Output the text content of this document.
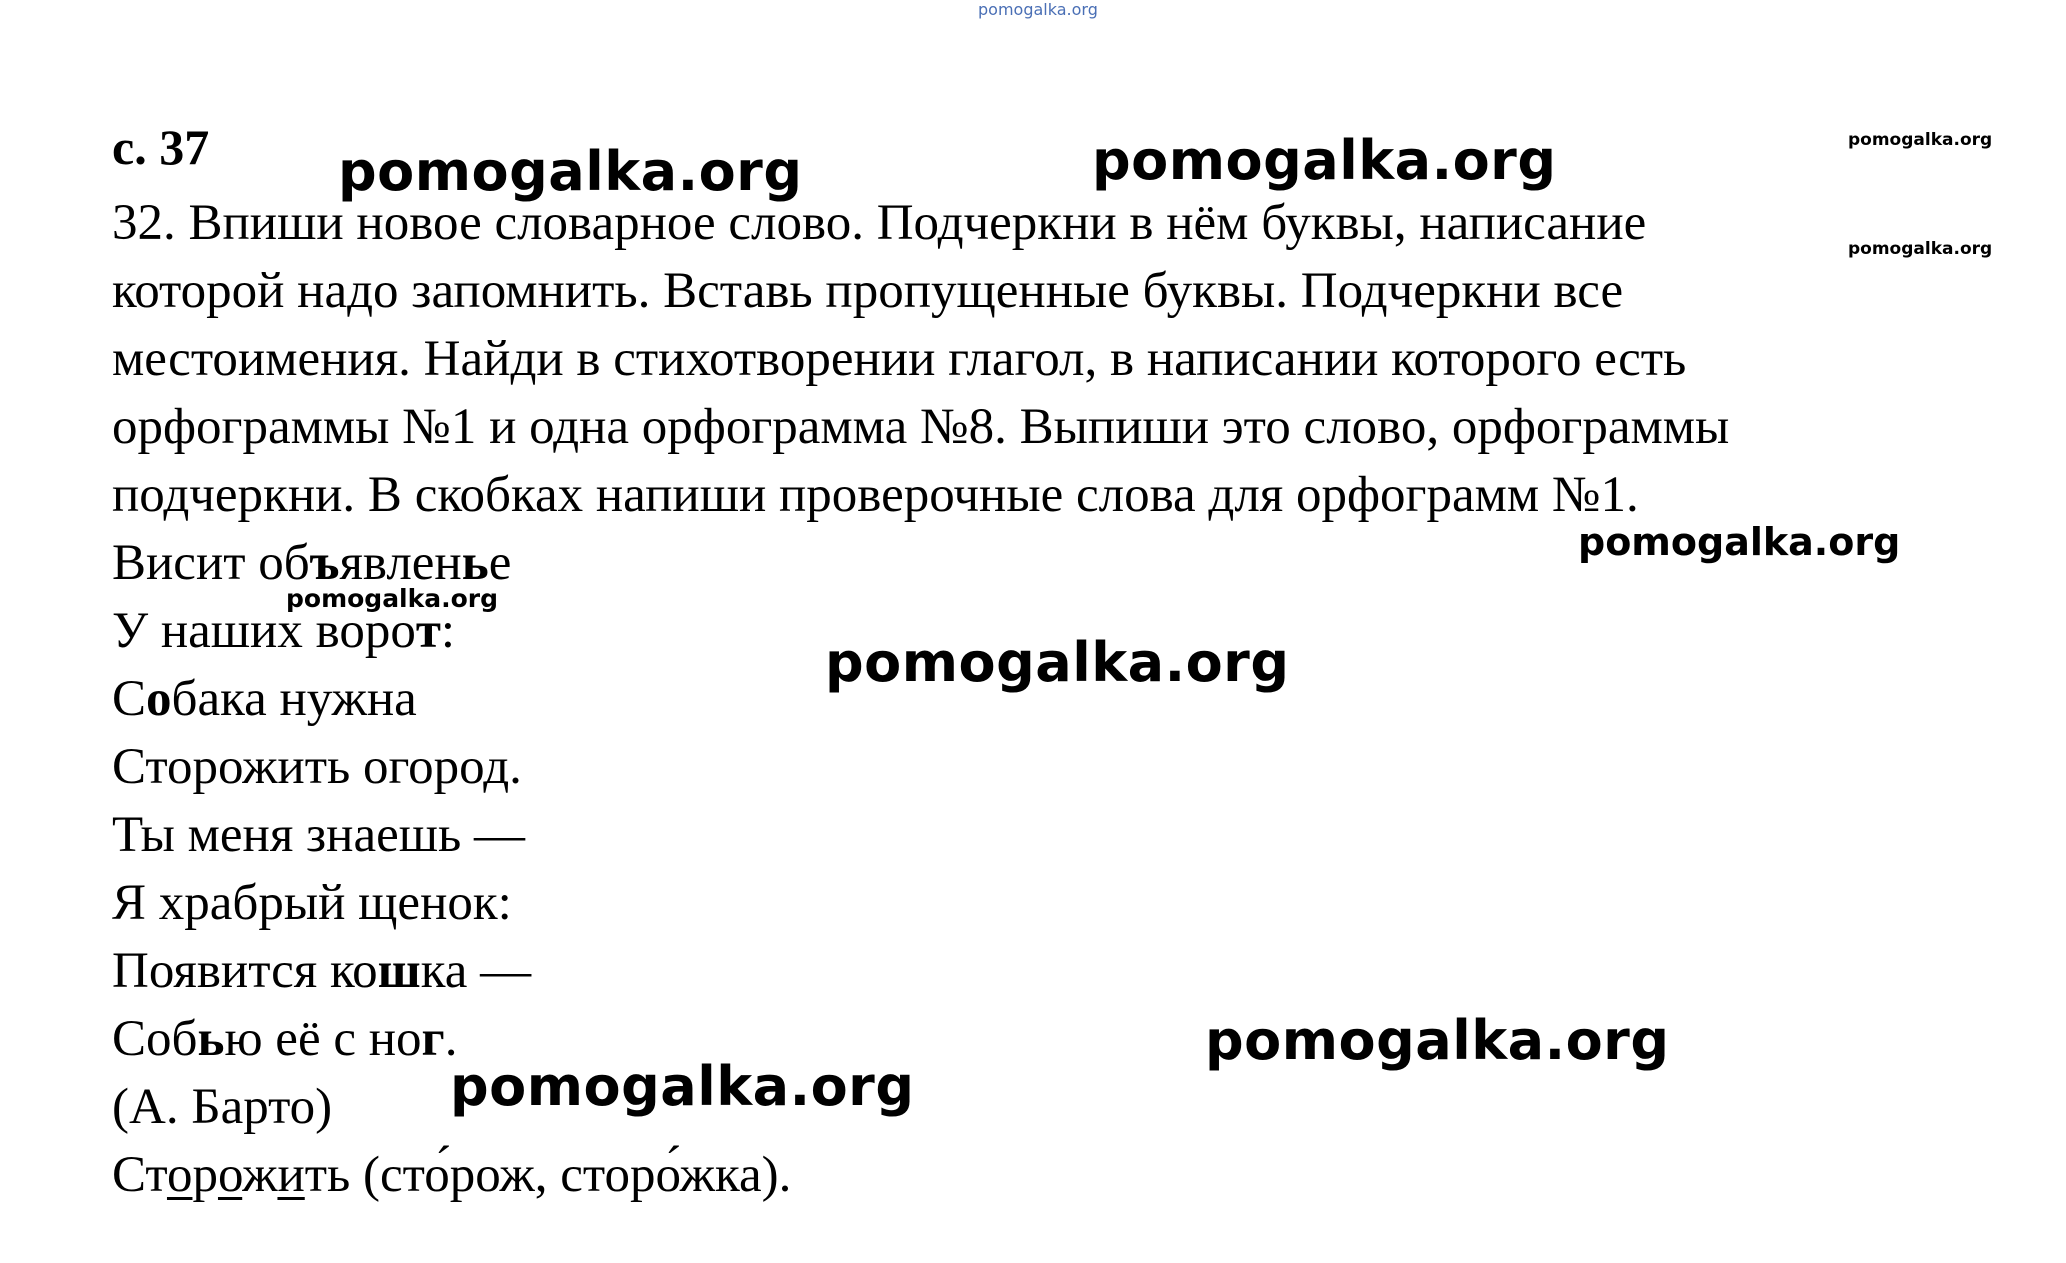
pomogalka.org
с. 37
32. Впиши новое словарное слово. Подчеркни в нём буквы, написание
которой надо запомнить. Вставь пропущенные буквы. Подчеркни все
местоимения. Найди в стихотворении глагол, в написании которого есть
орфограммы №1 и одна орфограмма №8. Выпиши это слово, орфограммы
подчеркни. В скобках напиши проверочные слова для орфограмм №1.
Висит объявленье
У наших ворот:
Собака нужна
Сторожить огород.
Ты меня знаешь —
Я храбрый щенок:
Появится кошка —
Собью её с ног.
(А. Барто)
Сторожить (сто́рож, сторо́жка).
pomogalka.org	pomogalka.org	pomogalka.org
pomogalka.org
pomogalka.org
pomogalka.org
pomogalka.org
pomogalka.org
pomogalka.org
